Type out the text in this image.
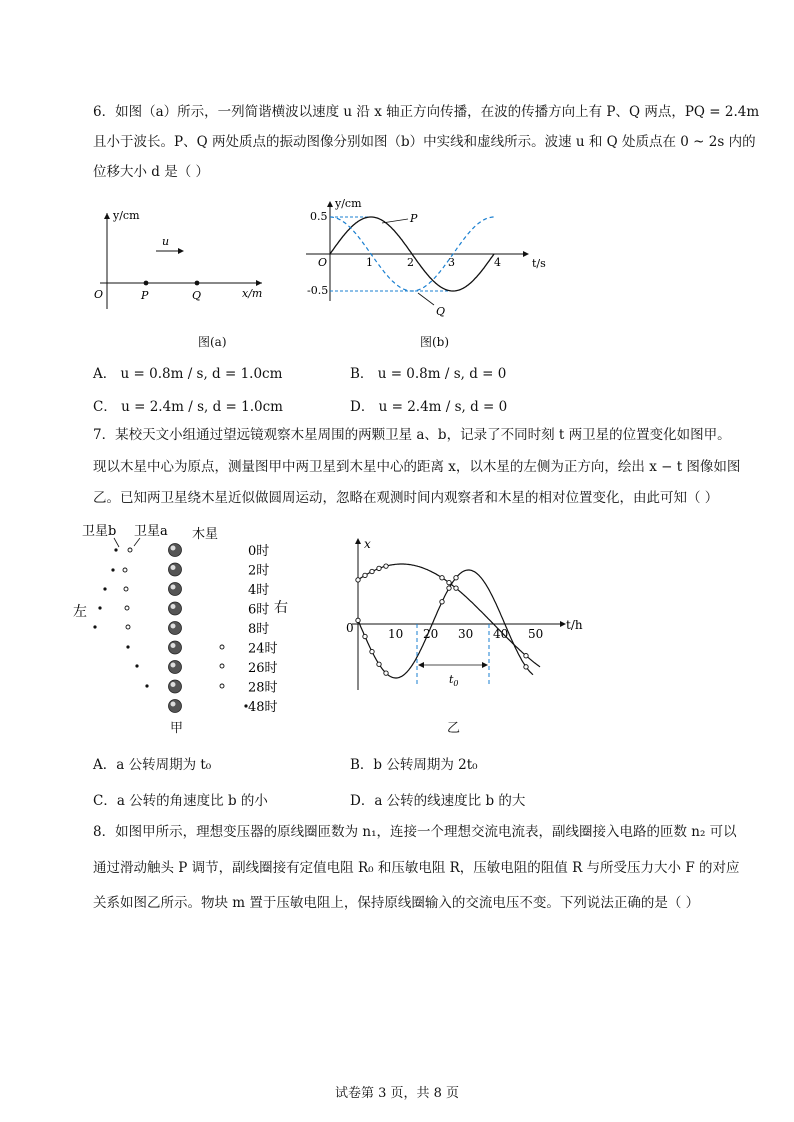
6．如图（a）所示，一列简谐横波以速度 u 沿 x 轴正方向传播，在波的传播方向上有 P、Q 两点，PQ = 2.4m
且小于波长。P、Q 两处质点的振动图像分别如图（b）中实线和虚线所示。波速 u 和 Q 处质点在 0 ~ 2s 内的
位移大小 d 是（ ）
y/cm
O	x/m
u
P	Q
图(a)
y/cm
t/s
O
0.5
-0.5
1	2	3	4
P
Q
图(b)
A． u = 0.8m / s, d = 1.0cm	B． u = 0.8m / s, d = 0
C． u = 2.4m / s, d = 1.0cm	D． u = 2.4m / s, d = 0
7．某校天文小组通过望远镜观察木星周围的两颗卫星 a、b，记录了不同时刻 t 两卫星的位置变化如图甲。
现以木星中心为原点，测量图甲中两卫星到木星中心的距离 x，以木星的左侧为正方向，绘出 x − t 图像如图
乙。已知两卫星绕木星近似做圆周运动，忽略在观测时间内观察者和木星的相对位置变化，由此可知（ ）
卫星b 卫星a 木星
左	右
0时
2时
4时
6时
8时
24时
26时
28时
48时
甲
x
t/h
0	10 20 30 40 50
$t_0$
乙
A．a 公转周期为 t₀	B．b 公转周期为 2t₀
C．a 公转的角速度比 b 的小	D．a 公转的线速度比 b 的大
8．如图甲所示，理想变压器的原线圈匝数为 n₁，连接一个理想交流电流表，副线圈接入电路的匝数 n₂ 可以
通过滑动触头 P 调节，副线圈接有定值电阻 R₀ 和压敏电阻 R，压敏电阻的阻值 R 与所受压力大小 F 的对应
关系如图乙所示。物块 m 置于压敏电阻上，保持原线圈输入的交流电压不变。下列说法正确的是（ ）
试卷第 3 页，共 8 页
